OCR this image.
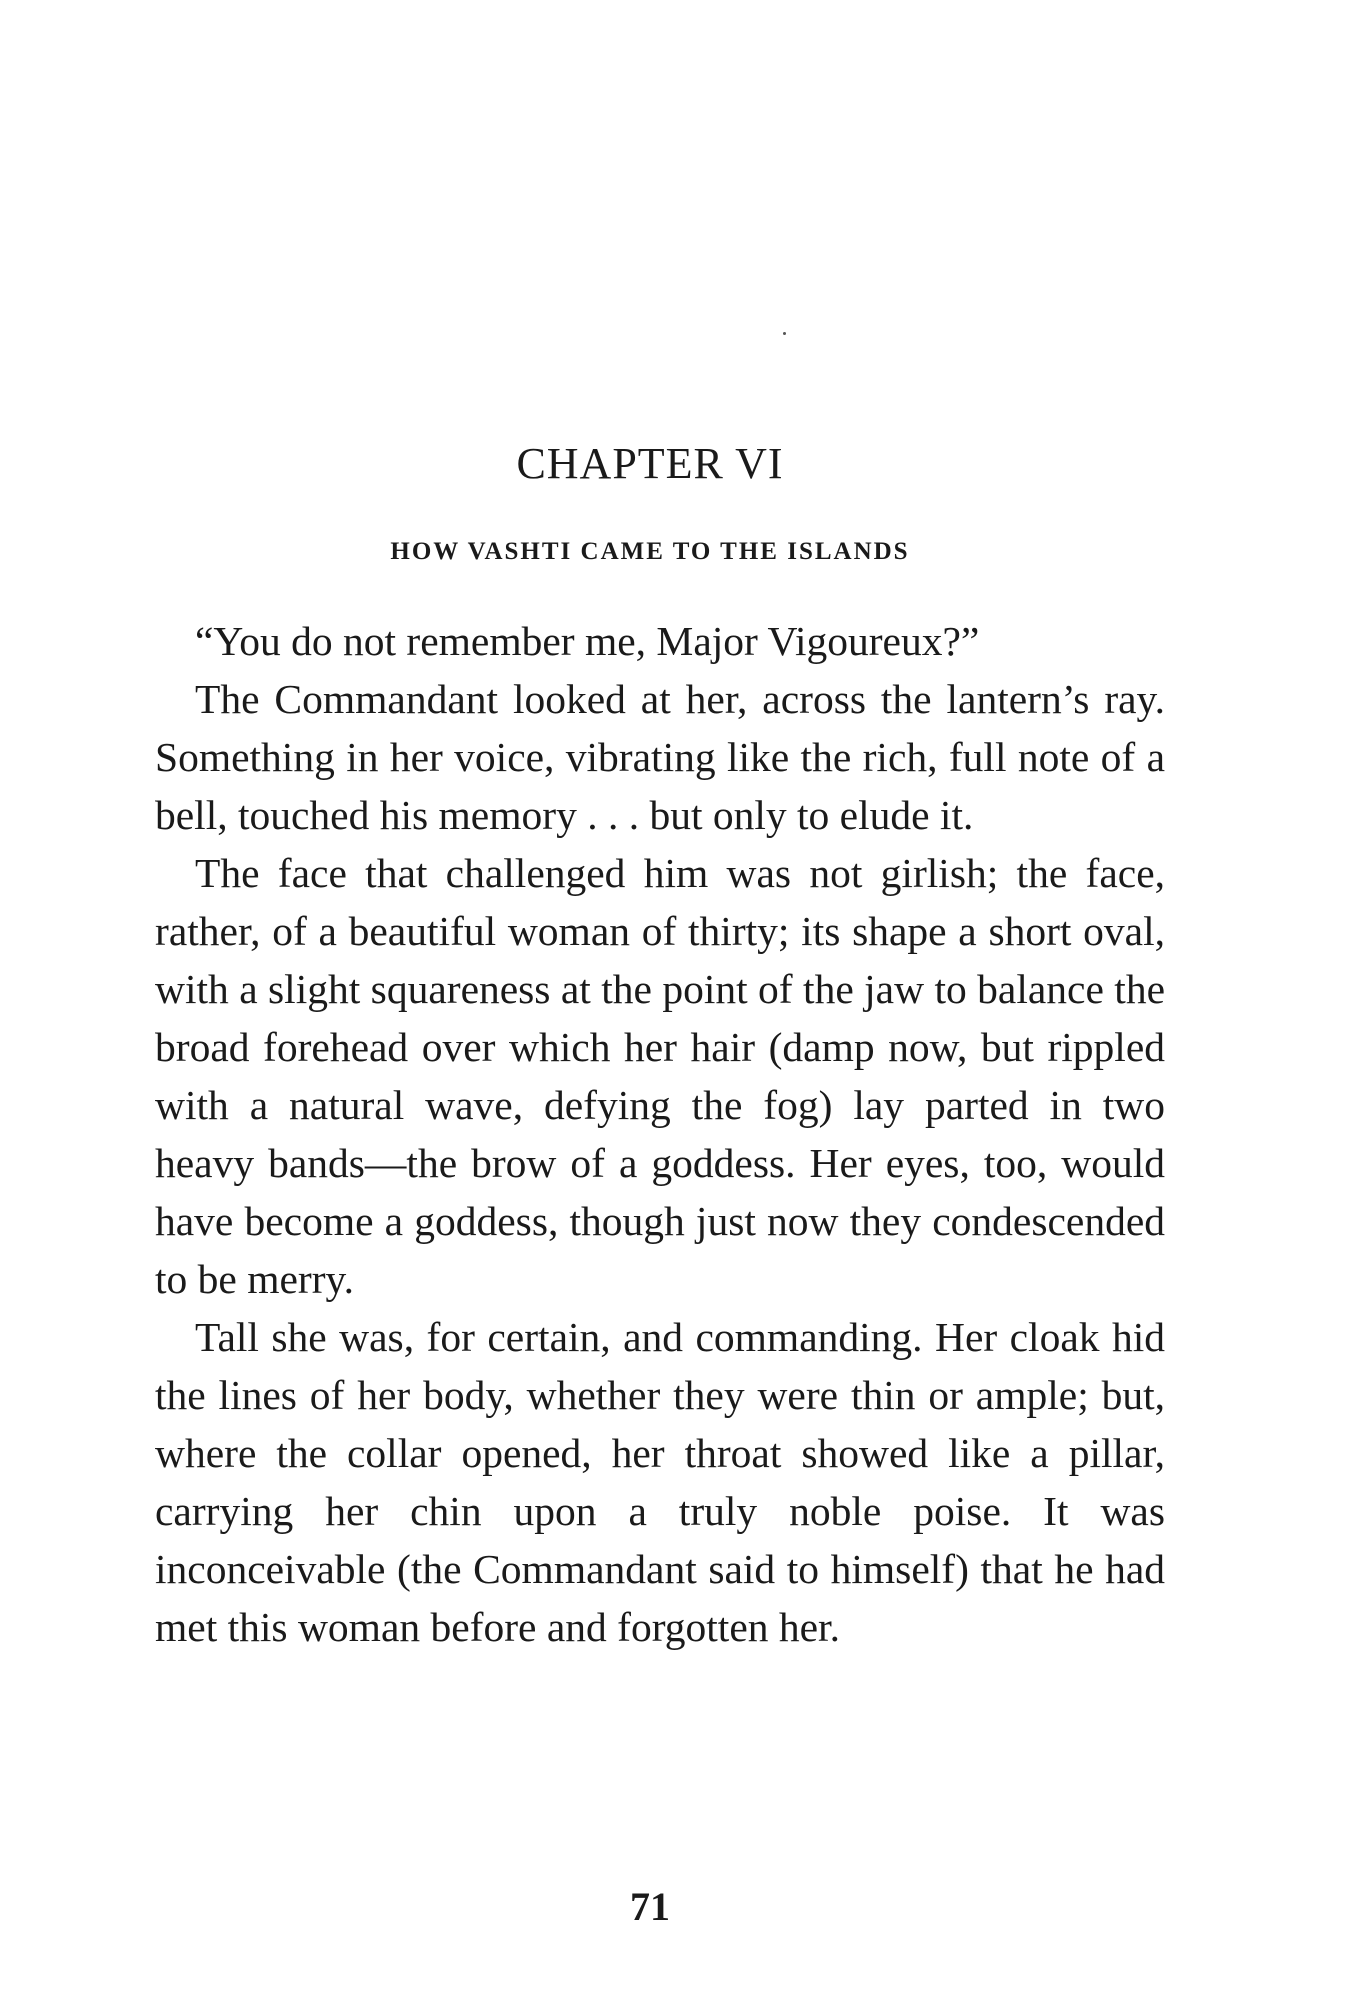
CHAPTER VI
HOW VASHTI CAME TO THE ISLANDS

“You do not remember me, Major Vigoureux?”

The Commandant looked at her, across the lantern’s ray. Something in her voice, vibrating like the rich, full note of a bell, touched his memory . . . but only to elude it.

The face that challenged him was not girlish; the face, rather, of a beautiful woman of thirty; its shape a short oval, with a slight squareness at the point of the jaw to balance the broad forehead over which her hair (damp now, but rippled with a natural wave, defying the fog) lay parted in two heavy bands—the brow of a goddess. Her eyes, too, would have become a goddess, though just now they condescended to be merry.

Tall she was, for certain, and commanding. Her cloak hid the lines of her body, whether they were thin or ample; but, where the collar opened, her throat showed like a pillar, carrying her chin upon a truly noble poise. It was inconceivable (the Commandant said to himself) that he had met this woman before and forgotten her.

71
